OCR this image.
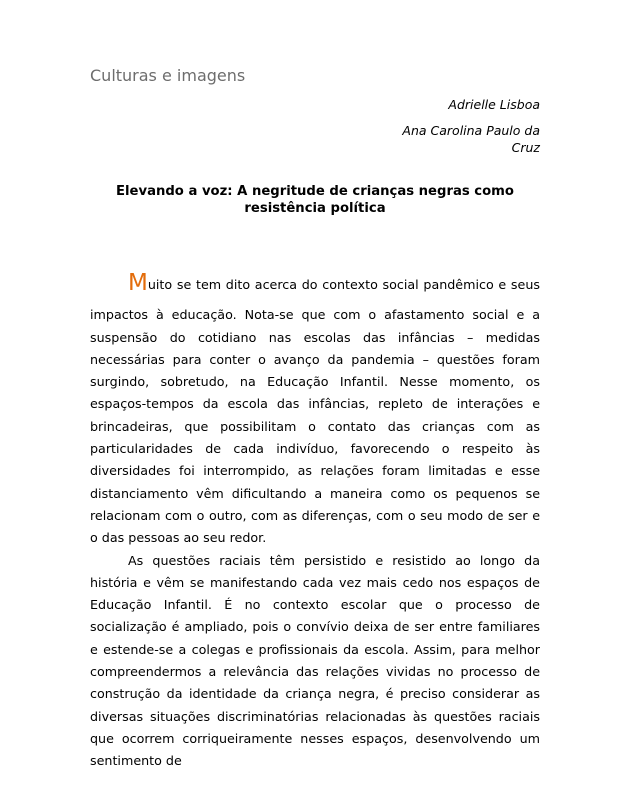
Culturas e imagens
Adrielle Lisboa
Ana Carolina Paulo da
Cruz
Elevando a voz: A negritude de crianças negras como resistência política

Muito se tem dito acerca do contexto social pandêmico e seus
impactos à educação. Nota-se que com o afastamento social e a suspensão do cotidiano nas escolas das infâncias – medidas necessárias para conter o avanço da pandemia – questões foram surgindo, sobretudo, na Educação Infantil. Nesse momento, os espaços-tempos da escola das infâncias, repleto de interações e brincadeiras, que possibilitam o contato das crianças com as particularidades de cada indivíduo, favorecendo o respeito às diversidades foi interrompido, as relações foram limitadas e esse distanciamento vêm dificultando a maneira como os pequenos se relacionam com o outro, com as diferenças, com o seu modo de ser e o das pessoas ao seu redor.

As questões raciais têm persistido e resistido ao longo da história e vêm se manifestando cada vez mais cedo nos espaços de Educação Infantil. É no contexto escolar que o processo de socialização é ampliado, pois o convívio deixa de ser entre familiares e estende-se a colegas e profissionais da escola. Assim, para melhor compreendermos a relevância das relações vividas no processo de construção da identidade da criança negra, é preciso considerar as diversas situações discriminatórias relacionadas às questões raciais que ocorrem corriqueiramente nesses espaços, desenvolvendo um sentimento de
